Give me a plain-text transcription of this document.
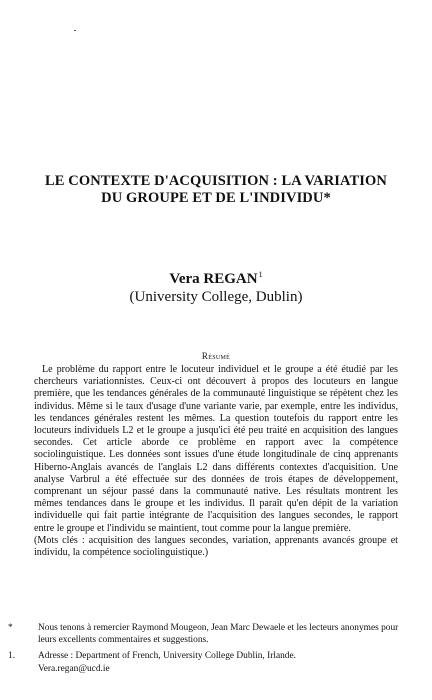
LE CONTEXTE D'ACQUISITION : LA VARIATION
DU GROUPE ET DE L'INDIVIDU*
Vera REGAN$^1$
(University College, Dublin)
Résumé

Le problème du rapport entre le locuteur individuel et le groupe a été étudié par les chercheurs variationnistes. Ceux-ci ont découvert à propos des locuteurs en langue première, que les tendances générales de la communauté linguistique se répètent chez les individus. Même si le taux d'usage d'une variante varie, par exemple, entre les individus, les tendances générales restent les mêmes. La question toutefois du rapport entre les locuteurs individuels L2 et le groupe a jusqu'ici été peu traité en acquisition des langues secondes. Cet article aborde ce problème en rapport avec la compétence sociolinguistique. Les données sont issues d'une étude longitudinale de cinq apprenants Hiberno-Anglais avancés de l'anglais L2 dans différents contextes d'acquisition. Une analyse Varbrul a été effectuée sur des données de trois étapes de développement, comprenant un séjour passé dans la communauté native. Les résultats montrent les mêmes tendances dans le groupe et les individus. Il paraît qu'en dépit de la variation individuelle qui fait partie intégrante de l'acquisition des langues secondes, le rapport entre le groupe et l'individu se maintient, tout comme pour la langue première.

(Mots clés : acquisition des langues secondes, variation, apprenants avancés groupe et individu, la compétence sociolinguistique.)

*	Nous tenons à remercier Raymond Mougeon, Jean Marc Dewaele et les lecteurs anonymes pour leurs excellents commentaires et suggestions.
1.	Adresse : Department of French, University College Dublin, Irlande.
Vera.regan@ucd.ie
